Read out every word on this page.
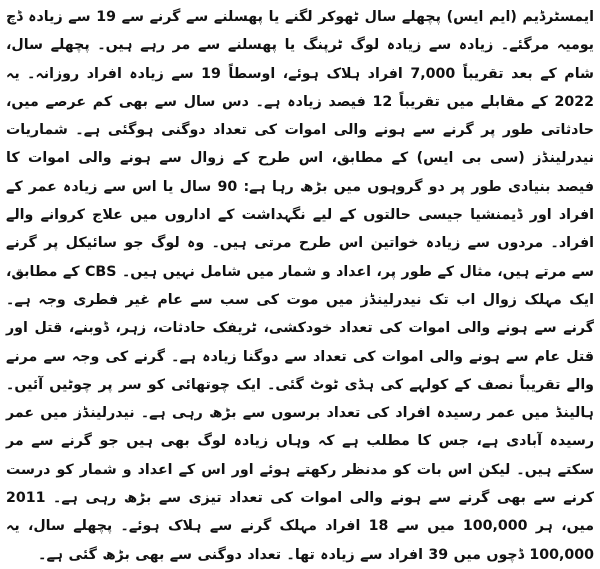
ایمسٹرڈیم (ایم ایس) پچھلے سال ٹھوکر لگنے یا پھسلنے سے گرنے سے 19 سے زیادہ ڈچ یومیہ مرگئے۔ زیادہ سے زیادہ لوگ ٹرپنگ یا پھسلنے سے مر رہے ہیں۔ پچھلے سال، شام کے بعد تقریباً 7,000 افراد ہلاک ہوئے، اوسطاً 19 سے زیادہ افراد روزانہ۔ یہ 2022 کے مقابلے میں تقریباً 12 فیصد زیادہ ہے۔ دس سال سے بھی کم عرصے میں، حادثاتی طور پر گرنے سے ہونے والی اموات کی تعداد دوگنی ہوگئی ہے۔ شماریات نیدرلینڈز (سی بی ایس) کے مطابق، اس طرح کے زوال سے ہونے والی اموات کا فیصد بنیادی طور پر دو گروہوں میں بڑھ رہا ہے: 90 سال یا اس سے زیادہ عمر کے افراد اور ڈیمنشیا جیسی حالتوں کے لیے نگہداشت کے اداروں میں علاج کروانے والے افراد۔ مردوں سے زیادہ خواتین اس طرح مرتی ہیں۔ وہ لوگ جو سائیکل پر گرنے سے مرتے ہیں، مثال کے طور پر، اعداد و شمار میں شامل نہیں ہیں۔ CBS کے مطابق، ایک مہلک زوال اب تک نیدرلینڈز میں موت کی سب سے عام غیر فطری وجہ ہے۔ گرنے سے ہونے والی اموات کی تعداد خودکشی، ٹریفک حادثات، زہر، ڈوبنے، قتل اور قتل عام سے ہونے والی اموات کی تعداد سے دوگنا زیادہ ہے۔ گرنے کی وجہ سے مرنے والے تقریباً نصف کے کولہے کی ہڈی ٹوٹ گئی۔ ایک چوتھائی کو سر پر چوٹیں آئیں۔ ہالینڈ میں عمر رسیدہ افراد کی تعداد برسوں سے بڑھ رہی ہے۔ نیدرلینڈز میں عمر رسیدہ آبادی ہے، جس کا مطلب ہے کہ وہاں زیادہ لوگ بھی ہیں جو گرنے سے مر سکتے ہیں۔ لیکن اس بات کو مدنظر رکھتے ہوئے اور اس کے اعداد و شمار کو درست کرنے سے بھی گرنے سے ہونے والی اموات کی تعداد تیزی سے بڑھ رہی ہے۔ 2011 میں، ہر 100,000 میں سے 18 افراد مہلک گرنے سے ہلاک ہوئے۔ پچھلے سال، یہ 100,000 ڈچوں میں 39 افراد سے زیادہ تھا۔ تعداد دوگنی سے بھی بڑھ گئی ہے۔
